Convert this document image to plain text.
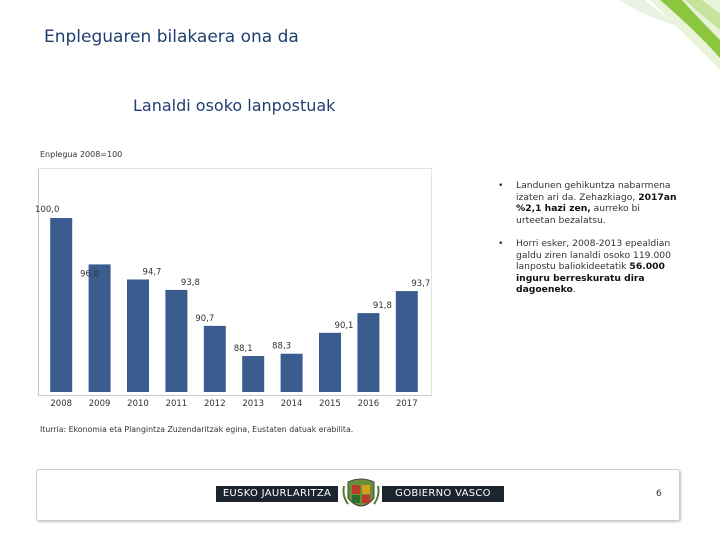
Enpleguaren bilakaera ona da
Lanaldi osoko lanpostuak
Enplegua 2008=100
100,0
2008
96,0
2009
94,7
2010
93,8
2011
90,7
2012
88,1
2013
88,3
2014
90,1
2015
91,8
2016
93,7
2017
• Landunen gehikuntza nabarmena izaten ari da. Zehazkiago, 2017an %2,1 hazi zen, aurreko bi urteetan bezalatsu.
• Horri esker, 2008-2013 epealdian galdu ziren lanaldi osoko 119.000 lanpostu baliokideetatik 56.000 inguru berreskuratu dira dagoeneko.
Iturria: Ekonomia eta Plangintza Zuzendaritzak egina, Eustaten datuak erabilita.
EUSKO JAURLARITZA	GOBIERNO VASCO	6
